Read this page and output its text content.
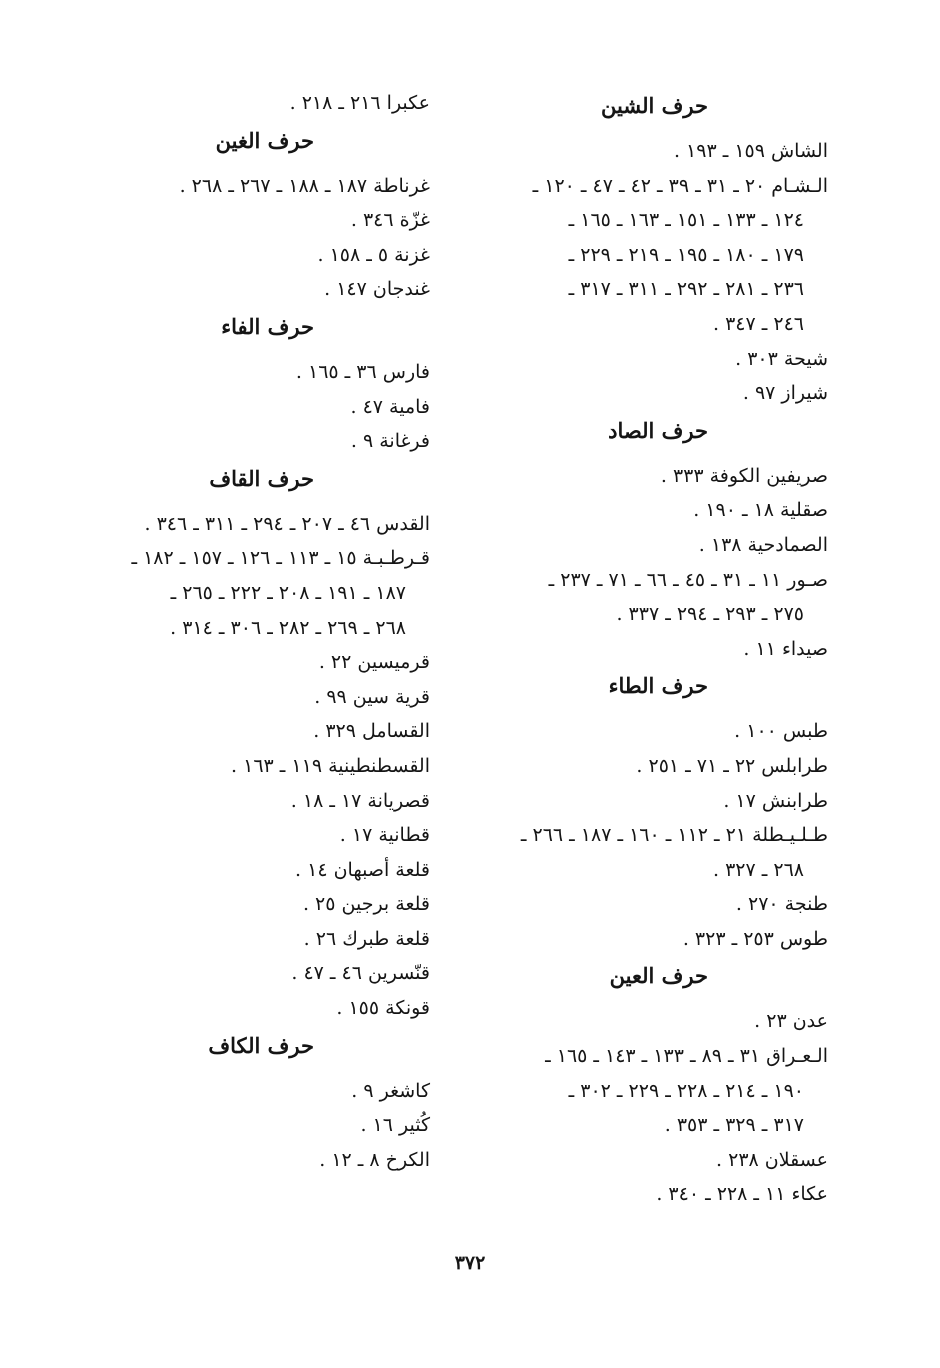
حرف الشين
الشاش ١٥٩ ـ ١٩٣ .
الـشـام ٢٠ ـ ٣١ ـ ٣٩ ـ ٤٢ ـ ٤٧ ـ ١٢٠ ـ
١٢٤ ـ ١٣٣ ـ ١٥١ ـ ١٦٣ ـ ١٦٥ ـ
١٧٩ ـ ١٨٠ ـ ١٩٥ ـ ٢١٩ ـ ٢٢٩ ـ
٢٣٦ ـ ٢٨١ ـ ٢٩٢ ـ ٣١١ ـ ٣١٧ ـ
٢٤٦ ـ ٣٤٧ .
شيحة ٣٠٣ .
شيراز ٩٧ .
حرف الصاد
صريفين الكوفة ٣٣٣ .
صقلية ١٨ ـ ١٩٠ .
الصمادحية ١٣٨ .
صـور ١١ ـ ٣١ ـ ٤٥ ـ ٦٦ ـ ٧١ ـ ٢٣٧ ـ
٢٧٥ ـ ٢٩٣ ـ ٢٩٤ ـ ٣٣٧ .
صيداء ١١ .
حرف الطاء
طبس ١٠٠ .
طرابلس ٢٢ ـ ٧١ ـ ٢٥١ .
طرابنش ١٧ .
طـلـيـطلة ٢١ ـ ١١٢ ـ ١٦٠ ـ ١٨٧ ـ ٢٦٦ ـ
٢٦٨ ـ ٣٢٧ .
طنجة ٢٧٠ .
طوس ٢٥٣ ـ ٣٢٣ .
حرف العين
عدن ٢٣ .
الـعـراق ٣١ ـ ٨٩ ـ ١٣٣ ـ ١٤٣ ـ ١٦٥ ـ
١٩٠ ـ ٢١٤ ـ ٢٢٨ ـ ٢٢٩ ـ ٣٠٢ ـ
٣١٧ ـ ٣٢٩ ـ ٣٥٣ .
عسقلان ٢٣٨ .
عكاء ١١ ـ ٢٢٨ ـ ٣٤٠ .
عكبرا ٢١٦ ـ ٢١٨ .
حرف الغين
غرناطة ١٨٧ ـ ١٨٨ ـ ٢٦٧ ـ ٢٦٨ .
غزّة ٣٤٦ .
غزنة ٥ ـ ١٥٨ .
غندجان ١٤٧ .
حرف الفاء
فارس ٣٦ ـ ١٦٥ .
فامية ٤٧ .
فرغانة ٩ .
حرف القاف
القدس ٤٦ ـ ٢٠٧ ـ ٢٩٤ ـ ٣١١ ـ ٣٤٦ .
قـرطـبـة ١٥ ـ ١١٣ ـ ١٢٦ ـ ١٥٧ ـ ١٨٢ ـ
١٨٧ ـ ١٩١ ـ ٢٠٨ ـ ٢٢٢ ـ ٢٦٥ ـ
٢٦٨ ـ ٢٦٩ ـ ٢٨٢ ـ ٣٠٦ ـ ٣١٤ .
قرميسين ٢٢ .
قرية سين ٩٩ .
القسامل ٣٢٩ .
القسطنطينية ١١٩ ـ ١٦٣ .
قصريانة ١٧ ـ ١٨ .
قطانية ١٧ .
قلعة أصبهان ١٤ .
قلعة برجين ٢٥ .
قلعة طبرك ٢٦ .
قنّسرين ٤٦ ـ ٤٧ .
قونكة ١٥٥ .
حرف الكاف
كاشغر ٩ .
كُثير ١٦ .
الكرخ ٨ ـ ١٢ .
٣٧٢
